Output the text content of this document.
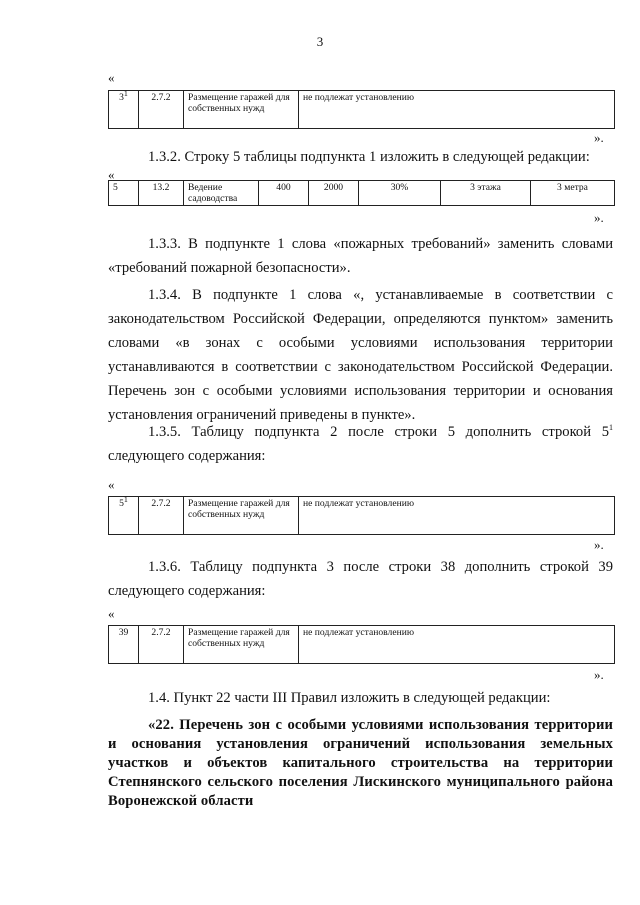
3
«
$3^1$	2.7.2	Размещение гаражей для собственных нужд	не подлежат установлению
».
1.3.2. Строку 5 таблицы подпункта 1 изложить в следующей редакции:
«
5	13.2	Ведение садоводства	400	2000	30%	3 этажа	3 метра
».
1.3.3. В подпункте 1 слова «пожарных требований» заменить словами «требований пожарной безопасности».
1.3.4. В подпункте 1 слова «, устанавливаемые в соответствии с законодательством Российской Федерации, определяются пунктом» заменить словами «в зонах с особыми условиями использования территории устанавливаются в соответствии с законодательством Российской Федерации. Перечень зон с особыми условиями использования территории и основания установления ограничений приведены в пункте».
1.3.5. Таблицу подпункта 2 после строки 5 дополнить строкой $5^1$ следующего содержания:
«
$5^1$	2.7.2	Размещение гаражей для собственных нужд	не подлежат установлению
».
1.3.6. Таблицу подпункта 3 после строки 38 дополнить строкой 39 следующего содержания:
«
39	2.7.2	Размещение гаражей для собственных нужд	не подлежат установлению
».
1.4. Пункт 22 части III Правил изложить в следующей редакции:
«22. Перечень зон с особыми условиями использования территории и основания установления ограничений использования земельных участков и объектов капитального строительства на территории Степнянского сельского поселения Лискинского муниципального района Воронежской области
